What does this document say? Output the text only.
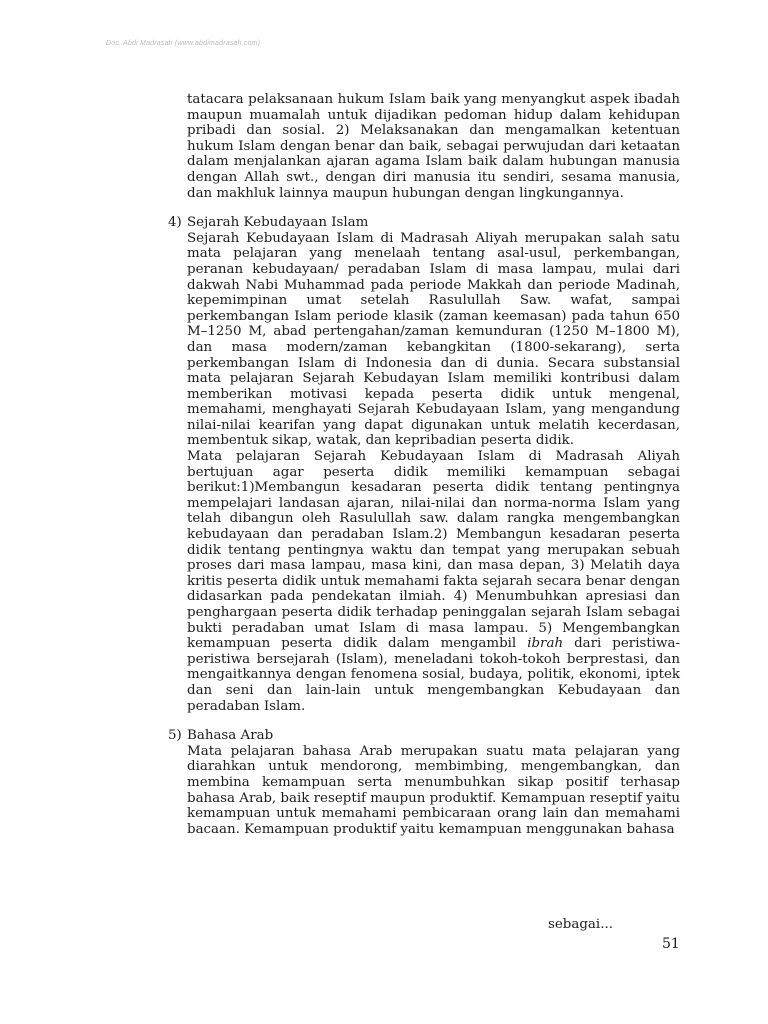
Doc. Abdi Madrasah (www.abdimadrasah.com)
tatacara pelaksanaan hukum Islam baik yang menyangkut aspek ibadah maupun muamalah untuk dijadikan pedoman hidup dalam kehidupan pribadi dan sosial. 2) Melaksanakan dan mengamalkan ketentuan hukum Islam dengan benar dan baik, sebagai perwujudan dari ketaatan dalam menjalankan ajaran agama Islam baik dalam hubungan manusia dengan Allah swt., dengan diri manusia itu sendiri, sesama manusia, dan makhluk lainnya maupun hubungan dengan lingkungannya.
4) Sejarah Kebudayaan Islam
Sejarah Kebudayaan Islam di Madrasah Aliyah merupakan salah satu mata pelajaran yang menelaah tentang asal-usul, perkembangan, peranan kebudayaan/ peradaban Islam di masa lampau, mulai dari dakwah Nabi Muhammad pada periode Makkah dan periode Madinah, kepemimpinan umat setelah Rasulullah Saw. wafat, sampai perkembangan Islam periode klasik (zaman keemasan) pada tahun 650 M–1250 M, abad pertengahan/zaman kemunduran (1250 M–1800 M), dan masa modern/zaman kebangkitan (1800-sekarang), serta perkembangan Islam di Indonesia dan di dunia. Secara substansial mata pelajaran Sejarah Kebudayan Islam memiliki kontribusi dalam memberikan motivasi kepada peserta didik untuk mengenal, memahami, menghayati Sejarah Kebudayaan Islam, yang mengandung nilai-nilai kearifan yang dapat digunakan untuk melatih kecerdasan, membentuk sikap, watak, dan kepribadian peserta didik.
Mata pelajaran Sejarah Kebudayaan Islam di Madrasah Aliyah bertujuan agar peserta didik memiliki kemampuan sebagai berikut:1)Membangun kesadaran peserta didik tentang pentingnya mempelajari landasan ajaran, nilai-nilai dan norma-norma Islam yang telah dibangun oleh Rasulullah saw. dalam rangka mengembangkan kebudayaan dan peradaban Islam.2) Membangun kesadaran peserta didik tentang pentingnya waktu dan tempat yang merupakan sebuah proses dari masa lampau, masa kini, dan masa depan, 3) Melatih daya kritis peserta didik untuk memahami fakta sejarah secara benar dengan didasarkan pada pendekatan ilmiah. 4) Menumbuhkan apresiasi dan penghargaan peserta didik terhadap peninggalan sejarah Islam sebagai bukti peradaban umat Islam di masa lampau. 5) Mengembangkan kemampuan peserta didik dalam mengambil ibrah dari peristiwa-peristiwa bersejarah (Islam), meneladani tokoh-tokoh berprestasi, dan mengaitkannya dengan fenomena sosial, budaya, politik, ekonomi, iptek dan seni dan lain-lain untuk mengembangkan Kebudayaan dan peradaban Islam.
5) Bahasa Arab
Mata pelajaran bahasa Arab merupakan suatu mata pelajaran yang diarahkan untuk mendorong, membimbing, mengembangkan, dan membina kemampuan serta menumbuhkan sikap positif terhasap bahasa Arab, baik reseptif maupun produktif. Kemampuan reseptif yaitu kemampuan untuk memahami pembicaraan orang lain dan memahami bacaan. Kemampuan produktif yaitu kemampuan menggunakan bahasa
sebagai...
51
